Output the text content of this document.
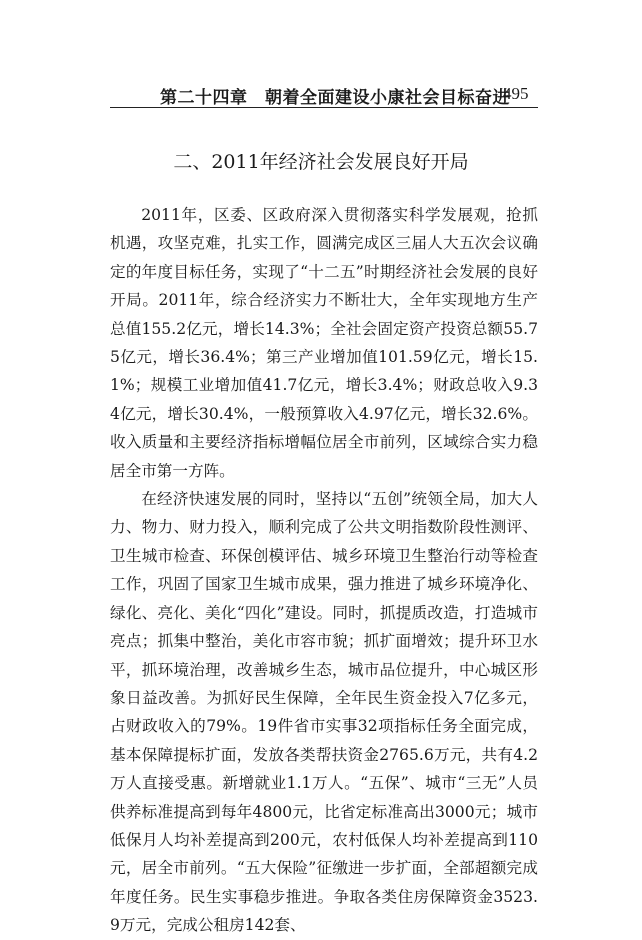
第二十四章　朝着全面建设小康社会目标奋进
495
二、2011年经济社会发展良好开局

2011年，区委、区政府深入贯彻落实科学发展观，抢抓机遇，攻坚克难，扎实工作，圆满完成区三届人大五次会议确定的年度目标任务，实现了“十二五”时期经济社会发展的良好开局。2011年，综合经济实力不断壮大，全年实现地方生产总值155.2亿元，增长14.3%；全社会固定资产投资总额55.75亿元，增长36.4%；第三产业增加值101.59亿元，增长15.1%；规模工业增加值41.7亿元，增长3.4%；财政总收入9.34亿元，增长30.4%，一般预算收入4.97亿元，增长32.6%。收入质量和主要经济指标增幅位居全市前列，区域综合实力稳居全市第一方阵。

在经济快速发展的同时，坚持以“五创”统领全局，加大人力、物力、财力投入，顺利完成了公共文明指数阶段性测评、卫生城市检查、环保创模评估、城乡环境卫生整治行动等检查工作，巩固了国家卫生城市成果，强力推进了城乡环境净化、绿化、亮化、美化“四化”建设。同时，抓提质改造，打造城市亮点；抓集中整治，美化市容市貌；抓扩面增效；提升环卫水平，抓环境治理，改善城乡生态，城市品位提升，中心城区形象日益改善。为抓好民生保障，全年民生资金投入7亿多元，占财政收入的79%。19件省市实事32项指标任务全面完成，基本保障提标扩面，发放各类帮扶资金2765.6万元，共有4.2万人直接受惠。新增就业1.1万人。“五保”、城市“三无”人员供养标准提高到每年4800元，比省定标准高出3000元；城市低保月人均补差提高到200元，农村低保人均补差提高到110元，居全市前列。“五大保险”征缴进一步扩面，全部超额完成年度任务。民生实事稳步推进。争取各类住房保障资金3523.9万元，完成公租房142套、
